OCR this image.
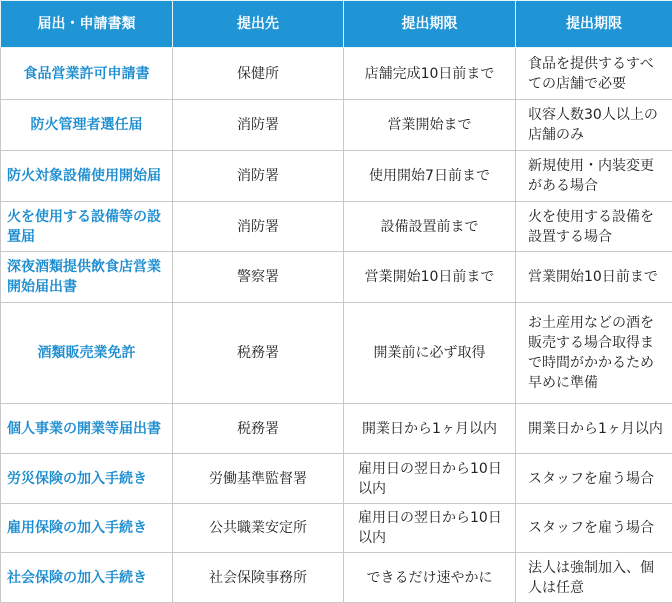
届出・申請書類	提出先	提出期限	提出期限
食品営業許可申請書	保健所	店舗完成10日前まで	食品を提供するすべての店舗で必要
防火管理者選任届	消防署	営業開始まで	収容人数30人以上の店舗のみ
防火対象設備使用開始届	消防署	使用開始7日前まで	新規使用・内装変更がある場合
火を使用する設備等の設置届	消防署	設備設置前まで	火を使用する設備を設置する場合
深夜酒類提供飲食店営業開始届出書	警察署	営業開始10日前まで	営業開始10日前まで
酒類販売業免許	税務署	開業前に必ず取得	お土産用などの酒を販売する場合取得まで時間がかかるため早めに準備
個人事業の開業等届出書	税務署	開業日から1ヶ月以内	開業日から1ヶ月以内
労災保険の加入手続き	労働基準監督署	雇用日の翌日から10日以内	スタッフを雇う場合
雇用保険の加入手続き	公共職業安定所	雇用日の翌日から10日以内	スタッフを雇う場合
社会保険の加入手続き	社会保険事務所	できるだけ速やかに	法人は強制加入、個人は任意
